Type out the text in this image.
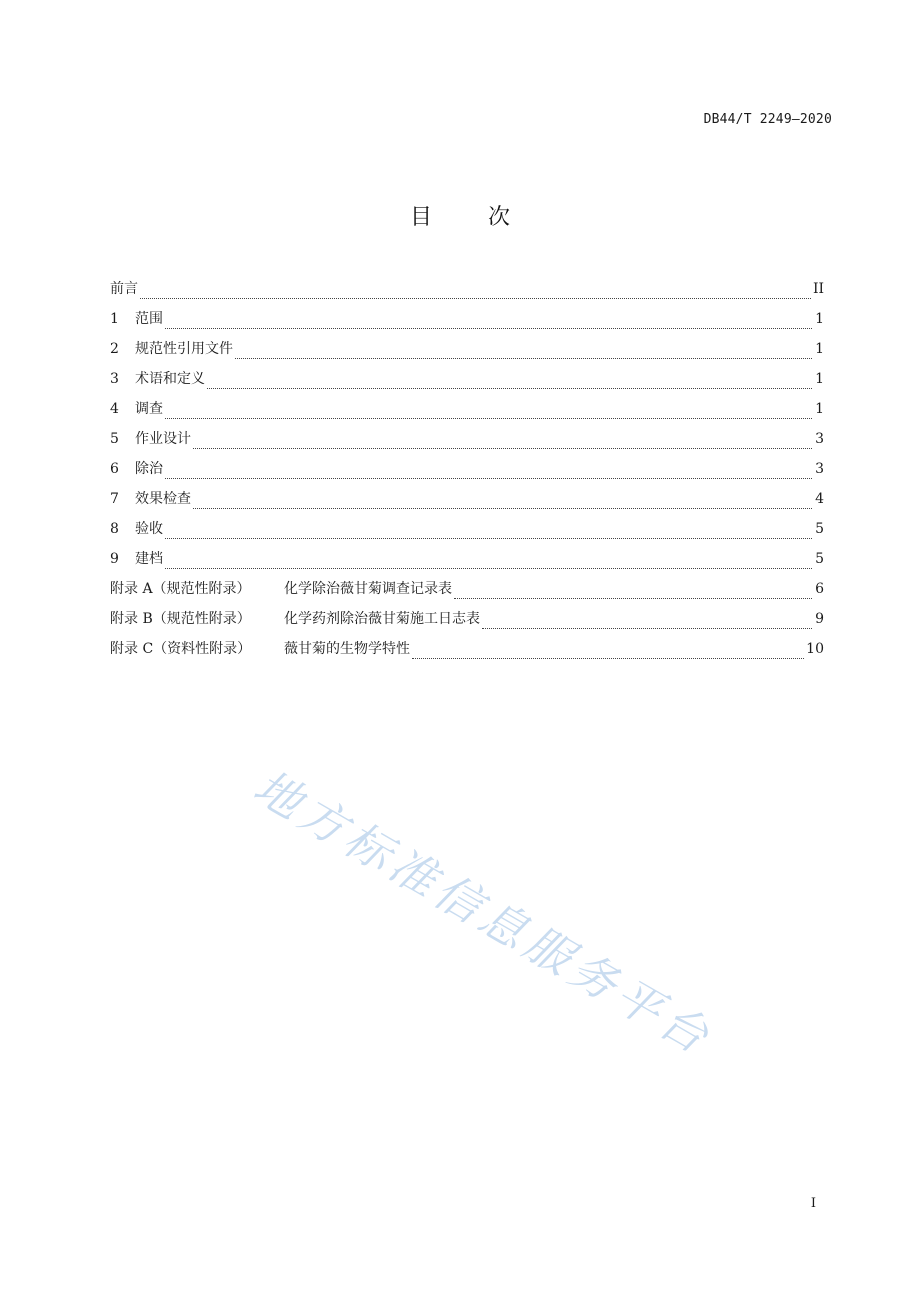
DB44/T 2249—2020
目	次
前言	II
1	范围	1
2	规范性引用文件	1
3	术语和定义	1
4	调查	1
5	作业设计	3
6	除治	3
7	效果检查	4
8	验收	5
9	建档	5
附录 A（规范性附录）	化学除治薇甘菊调查记录表	6
附录 B（规范性附录）	化学药剂除治薇甘菊施工日志表	9
附录 C（资料性附录）	薇甘菊的生物学特性	10
地方标准信息服务平台
I
